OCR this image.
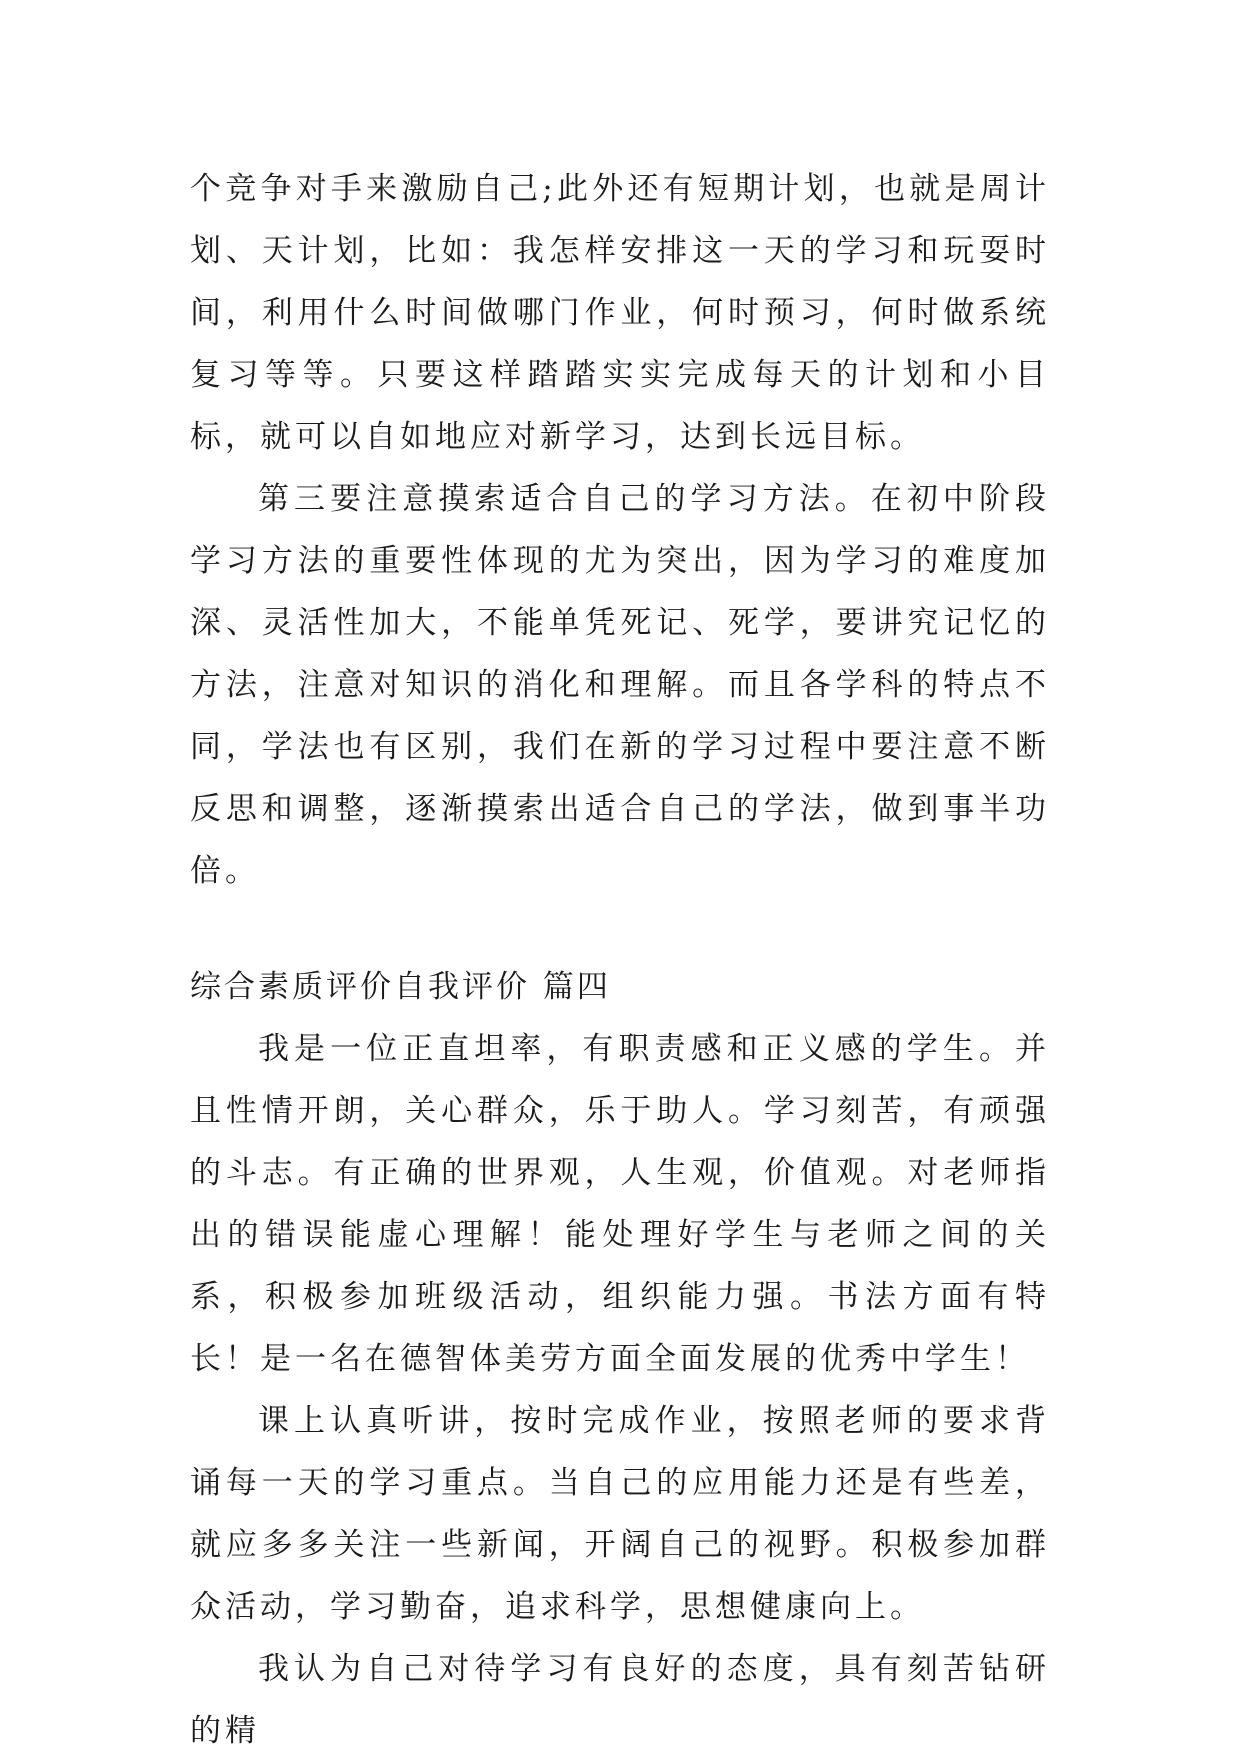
个竞争对手来激励自己;此外还有短期计划，也就是周计划、天计划，比如：我怎样安排这一天的学习和玩耍时间，利用什么时间做哪门作业，何时预习，何时做系统复习等等。只要这样踏踏实实完成每天的计划和小目标，就可以自如地应对新学习，达到长远目标。

第三要注意摸索适合自己的学习方法。在初中阶段学习方法的重要性体现的尤为突出，因为学习的难度加深、灵活性加大，不能单凭死记、死学，要讲究记忆的方法，注意对知识的消化和理解。而且各学科的特点不同，学法也有区别，我们在新的学习过程中要注意不断反思和调整，逐渐摸索出适合自己的学法，做到事半功倍。

综合素质评价自我评价 篇四

我是一位正直坦率，有职责感和正义感的学生。并且性情开朗，关心群众，乐于助人。学习刻苦，有顽强的斗志。有正确的世界观，人生观，价值观。对老师指出的错误能虚心理解！能处理好学生与老师之间的关系，积极参加班级活动，组织能力强。书法方面有特长！是一名在德智体美劳方面全面发展的优秀中学生！

课上认真听讲，按时完成作业，按照老师的要求背诵每一天的学习重点。当自己的应用能力还是有些差，就应多多关注一些新闻，开阔自己的视野。积极参加群众活动，学习勤奋，追求科学，思想健康向上。

我认为自己对待学习有良好的态度，具有刻苦钻研的精
